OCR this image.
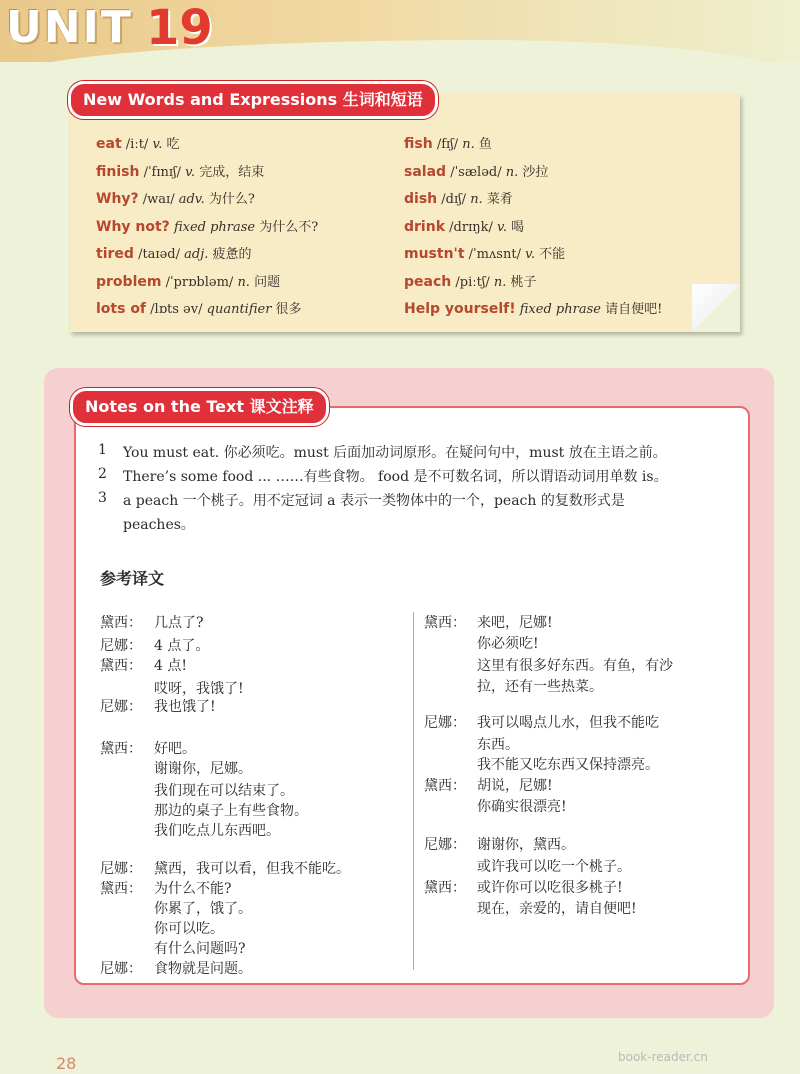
UNIT 19
New Words and Expressions 生词和短语
eat /iːt/ v. 吃
finish /ˈfɪnɪʃ/ v. 完成，结束
Why? /waɪ/ adv. 为什么?
Why not? fixed phrase 为什么不?
tired /taɪəd/ adj. 疲惫的
problem /ˈprɒbləm/ n. 问题
lots of /lɒts əv/ quantifier 很多
fish /fɪʃ/ n. 鱼
salad /ˈsæləd/ n. 沙拉
dish /dɪʃ/ n. 菜肴
drink /drɪŋk/ v. 喝
mustn't /ˈmʌsnt/ v. 不能
peach /piːtʃ/ n. 桃子
Help yourself! fixed phrase 请自便吧!
Notes on the Text 课文注释
1 You must eat. 你必须吃。must 后面加动词原形。在疑问句中，must 放在主语之前。
2 There’s some food ... ……有些食物。 food 是不可数名词，所以谓语动词用单数 is。
3 a peach 一个桃子。用不定冠词 a 表示一类物体中的一个，peach 的复数形式是
peaches。
参考译文
黛西： 几点了?
尼娜： 4 点了。
黛西： 4 点!
哎呀，我饿了!
尼娜： 我也饿了!
黛西： 好吧。
谢谢你，尼娜。
我们现在可以结束了。
那边的桌子上有些食物。
我们吃点儿东西吧。
尼娜： 黛西，我可以看，但我不能吃。
黛西： 为什么不能?
你累了，饿了。
你可以吃。
有什么问题吗?
尼娜： 食物就是问题。
黛西： 来吧，尼娜!
你必须吃!
这里有很多好东西。有鱼，有沙
拉，还有一些热菜。
尼娜： 我可以喝点儿水，但我不能吃
东西。
我不能又吃东西又保持漂亮。
黛西： 胡说，尼娜!
你确实很漂亮!
尼娜： 谢谢你，黛西。
或许我可以吃一个桃子。
黛西： 或许你可以吃很多桃子!
现在，亲爱的，请自便吧!
28	book-reader.cn
